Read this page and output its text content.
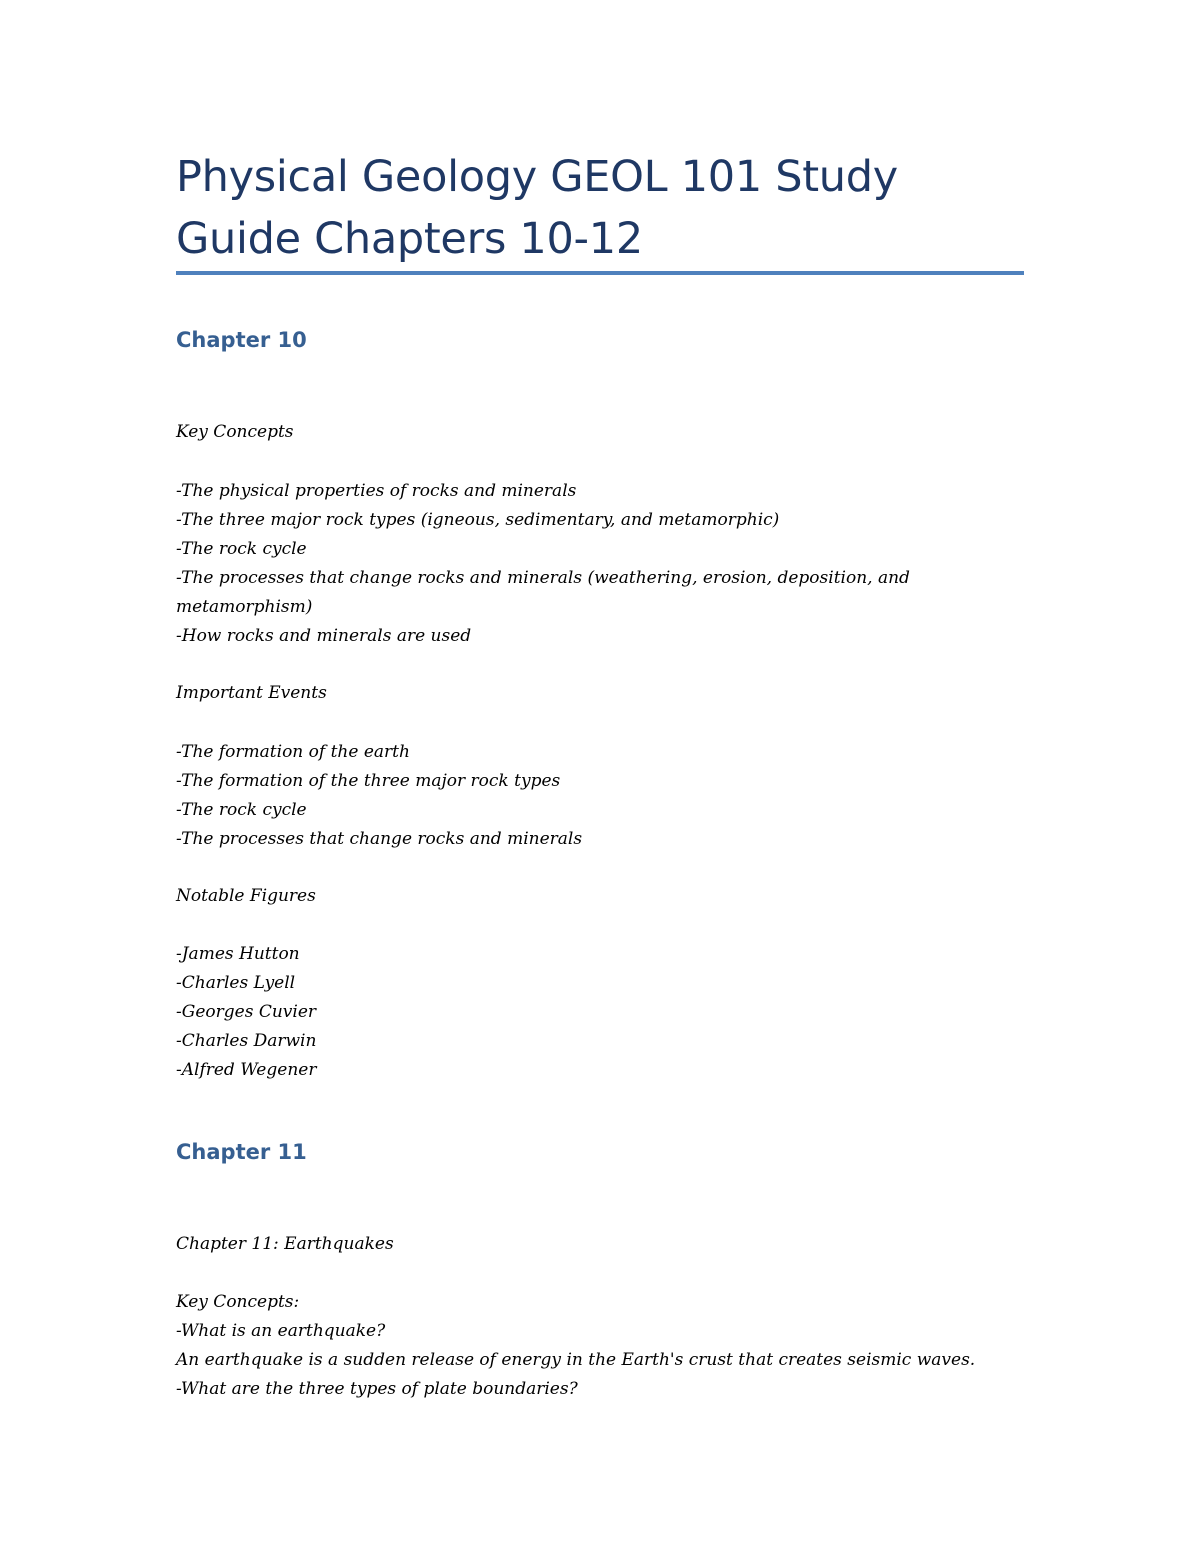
Physical Geology GEOL 101 Study Guide Chapters 10-12
Chapter 10
Key Concepts
-The physical properties of rocks and minerals
-The three major rock types (igneous, sedimentary, and metamorphic)
-The rock cycle
-The processes that change rocks and minerals (weathering, erosion, deposition, and metamorphism)
-How rocks and minerals are used
Important Events
-The formation of the earth
-The formation of the three major rock types
-The rock cycle
-The processes that change rocks and minerals
Notable Figures
-James Hutton
-Charles Lyell
-Georges Cuvier
-Charles Darwin
-Alfred Wegener
Chapter 11
Chapter 11: Earthquakes
Key Concepts:
-What is an earthquake?
An earthquake is a sudden release of energy in the Earth's crust that creates seismic waves.
-What are the three types of plate boundaries?
